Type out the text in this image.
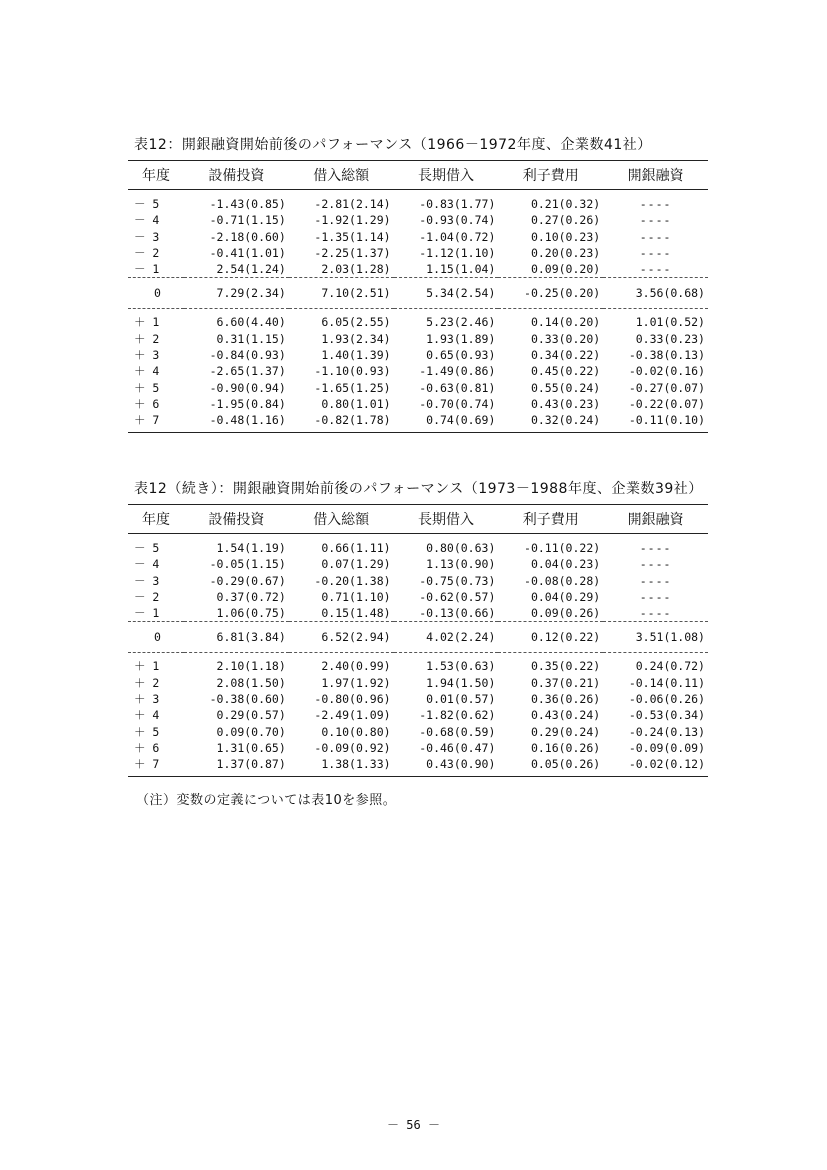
表12：開銀融資開始前後のパフォーマンス（1966－1972年度、企業数41社）
年度	設備投資	借入総額	長期借入	利子費用	開銀融資
－ 5	-1.43(0.85)	-2.81(2.14)	-0.83(1.77)	0.21(0.32)	----
－ 4	-0.71(1.15)	-1.92(1.29)	-0.93(0.74)	0.27(0.26)	----
－ 3	-2.18(0.60)	-1.35(1.14)	-1.04(0.72)	0.10(0.23)	----
－ 2	-0.41(1.01)	-2.25(1.37)	-1.12(1.10)	0.20(0.23)	----
－ 1	2.54(1.24)	2.03(1.28)	1.15(1.04)	0.09(0.20)	----
0	7.29(2.34)	7.10(2.51)	5.34(2.54)	-0.25(0.20)	3.56(0.68)
＋ 1	6.60(4.40)	6.05(2.55)	5.23(2.46)	0.14(0.20)	1.01(0.52)
＋ 2	0.31(1.15)	1.93(2.34)	1.93(1.89)	0.33(0.20)	0.33(0.23)
＋ 3	-0.84(0.93)	1.40(1.39)	0.65(0.93)	0.34(0.22)	-0.38(0.13)
＋ 4	-2.65(1.37)	-1.10(0.93)	-1.49(0.86)	0.45(0.22)	-0.02(0.16)
＋ 5	-0.90(0.94)	-1.65(1.25)	-0.63(0.81)	0.55(0.24)	-0.27(0.07)
＋ 6	-1.95(0.84)	0.80(1.01)	-0.70(0.74)	0.43(0.23)	-0.22(0.07)
＋ 7	-0.48(1.16)	-0.82(1.78)	0.74(0.69)	0.32(0.24)	-0.11(0.10)
表12（続き）：開銀融資開始前後のパフォーマンス（1973－1988年度、企業数39社）
年度	設備投資	借入総額	長期借入	利子費用	開銀融資
－ 5	1.54(1.19)	0.66(1.11)	0.80(0.63)	-0.11(0.22)	----
－ 4	-0.05(1.15)	0.07(1.29)	1.13(0.90)	0.04(0.23)	----
－ 3	-0.29(0.67)	-0.20(1.38)	-0.75(0.73)	-0.08(0.28)	----
－ 2	0.37(0.72)	0.71(1.10)	-0.62(0.57)	0.04(0.29)	----
－ 1	1.06(0.75)	0.15(1.48)	-0.13(0.66)	0.09(0.26)	----
0	6.81(3.84)	6.52(2.94)	4.02(2.24)	0.12(0.22)	3.51(1.08)
＋ 1	2.10(1.18)	2.40(0.99)	1.53(0.63)	0.35(0.22)	0.24(0.72)
＋ 2	2.08(1.50)	1.97(1.92)	1.94(1.50)	0.37(0.21)	-0.14(0.11)
＋ 3	-0.38(0.60)	-0.80(0.96)	0.01(0.57)	0.36(0.26)	-0.06(0.26)
＋ 4	0.29(0.57)	-2.49(1.09)	-1.82(0.62)	0.43(0.24)	-0.53(0.34)
＋ 5	0.09(0.70)	0.10(0.80)	-0.68(0.59)	0.29(0.24)	-0.24(0.13)
＋ 6	1.31(0.65)	-0.09(0.92)	-0.46(0.47)	0.16(0.26)	-0.09(0.09)
＋ 7	1.37(0.87)	1.38(1.33)	0.43(0.90)	0.05(0.26)	-0.02(0.12)
（注）変数の定義については表10を参照。
－ 56 －
